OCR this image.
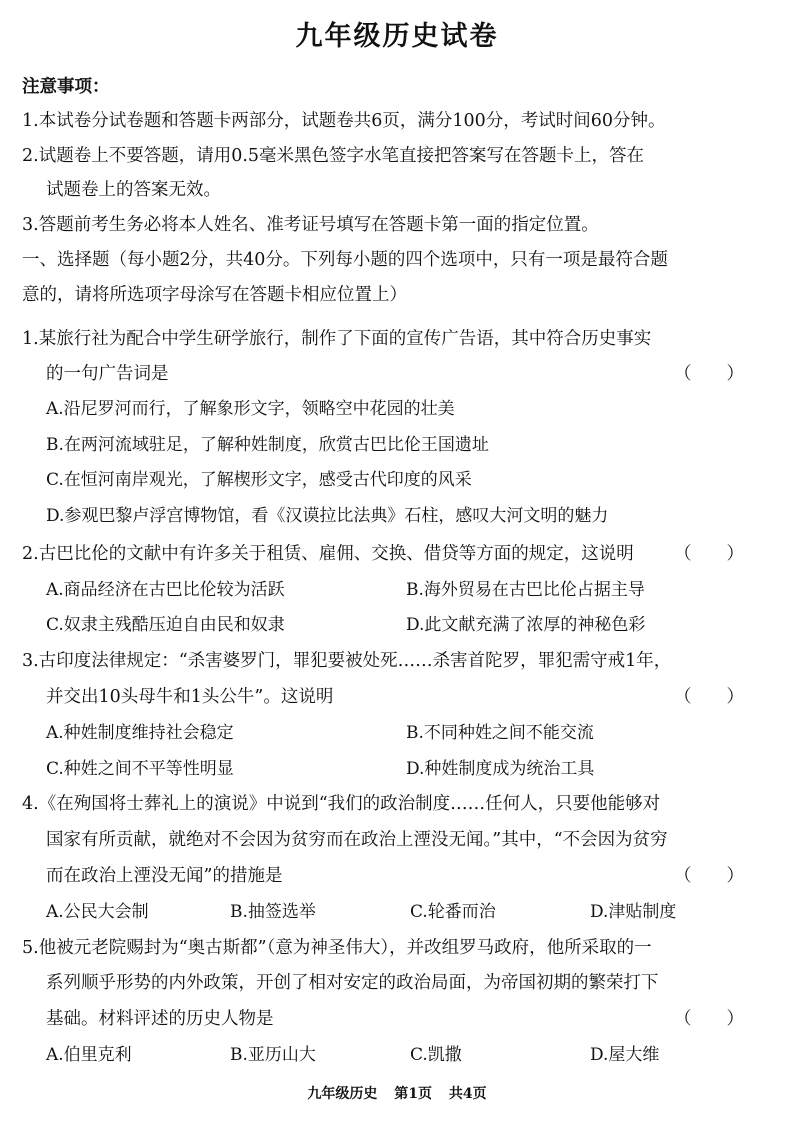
九年级历史试卷
注意事项：
1.本试卷分试卷题和答题卡两部分，试题卷共6页，满分100分，考试时间60分钟。
2.试题卷上不要答题，请用0.5毫米黑色签字水笔直接把答案写在答题卡上，答在
试题卷上的答案无效。
3.答题前考生务必将本人姓名、准考证号填写在答题卡第一面的指定位置。
一、选择题（每小题2分，共40分。下列每小题的四个选项中，只有一项是最符合题
意的，请将所选项字母涂写在答题卡相应位置上）
1.某旅行社为配合中学生研学旅行，制作了下面的宣传广告语，其中符合历史事实
的一句广告词是	（　　）
A.沿尼罗河而行，了解象形文字，领略空中花园的壮美
B.在两河流域驻足，了解种姓制度，欣赏古巴比伦王国遗址
C.在恒河南岸观光，了解楔形文字，感受古代印度的风采
D.参观巴黎卢浮宫博物馆，看《汉谟拉比法典》石柱，感叹大河文明的魅力
2.古巴比伦的文献中有许多关于租赁、雇佣、交换、借贷等方面的规定，这说明 （　　）
A.商品经济在古巴比伦较为活跃	B.海外贸易在古巴比伦占据主导
C.奴隶主残酷压迫自由民和奴隶	D.此文献充满了浓厚的神秘色彩
3.古印度法律规定：“杀害婆罗门，罪犯要被处死……杀害首陀罗，罪犯需守戒1年，
并交出10头母牛和1头公牛”。这说明	（　　）
A.种姓制度维持社会稳定	B.不同种姓之间不能交流
C.种姓之间不平等性明显	D.种姓制度成为统治工具
4.《在殉国将士葬礼上的演说》中说到“我们的政治制度……任何人，只要他能够对
国家有所贡献，就绝对不会因为贫穷而在政治上湮没无闻。”其中，“不会因为贫穷
而在政治上湮没无闻”的措施是	（　　）
A.公民大会制	B.抽签选举	C.轮番而治	D.津贴制度
5.他被元老院赐封为“奥古斯都”（意为神圣伟大），并改组罗马政府，他所采取的一
系列顺乎形势的内外政策，开创了相对安定的政治局面，为帝国初期的繁荣打下
基础。材料评述的历史人物是	（　　）
A.伯里克利	B.亚历山大	C.凯撒	D.屋大维
九年级历史 第1页 共4页
